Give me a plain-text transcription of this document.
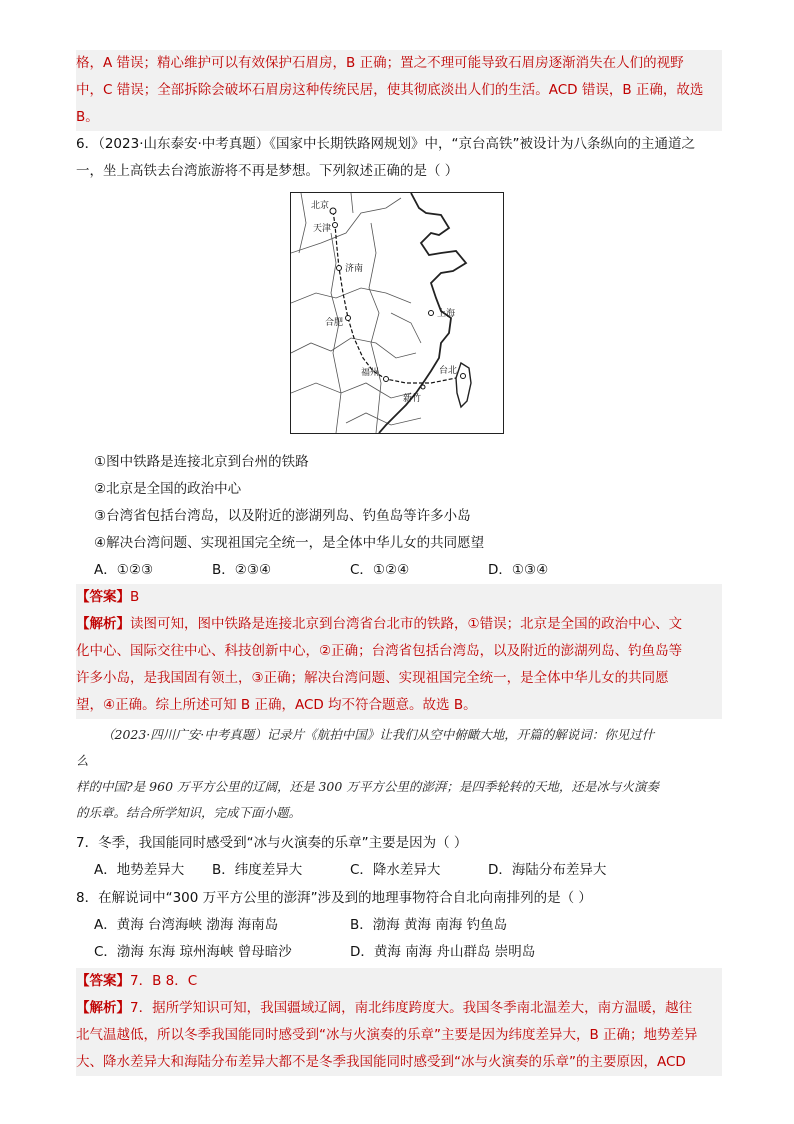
格，A 错误；精心维护可以有效保护石眉房，B 正确；置之不理可能导致石眉房逐渐消失在人们的视野
中，C 错误；全部拆除会破坏石眉房这种传统民居，使其彻底淡出人们的生活。ACD 错误，B 正确，故选
B。
6．（2023·山东泰安·中考真题）《国家中长期铁路网规划》中，“京台高铁”被设计为八条纵向的主通道之
一，坐上高铁去台湾旅游将不再是梦想。下列叙述正确的是（ ）
北京
天津
济南
合肥
上海
福州	台北
新竹
①图中铁路是连接北京到台州的铁路
②北京是全国的政治中心
③台湾省包括台湾岛，以及附近的澎湖列岛、钓鱼岛等许多小岛
④解决台湾问题、实现祖国完全统一，是全体中华儿女的共同愿望
A．①②③	B．②③④	C．①②④	D．①③④
【答案】B
【解析】读图可知，图中铁路是连接北京到台湾省台北市的铁路，①错误；北京是全国的政治中心、文
化中心、国际交往中心、科技创新中心，②正确；台湾省包括台湾岛，以及附近的澎湖列岛、钓鱼岛等
许多小岛，是我国固有领土，③正确；解决台湾问题、实现祖国完全统一，是全体中华儿女的共同愿
望，④正确。综上所述可知 B 正确，ACD 均不符合题意。故选 B。
（2023·四川广安·中考真题）记录片《航拍中国》让我们从空中俯瞰大地，开篇的解说词：你见过什
么
样的中国?是 960 万平方公里的辽阔，还是 300 万平方公里的澎湃；是四季轮转的天地，还是冰与火演奏
的乐章。结合所学知识，完成下面小题。
7．冬季，我国能同时感受到“冰与火演奏的乐章”主要是因为（ ）
A．地势差异大 B．纬度差异大	C．降水差异大	D．海陆分布差异大
8．在解说词中“300 万平方公里的澎湃”涉及到的地理事物符合自北向南排列的是（ ）
A．黄海 台湾海峡 渤海 海南岛	B．渤海 黄海 南海 钓鱼岛
C．渤海 东海 琼州海峡 曾母暗沙	D．黄海 南海 舟山群岛 崇明岛
【答案】7．B 8．C
【解析】7．据所学知识可知，我国疆域辽阔，南北纬度跨度大。我国冬季南北温差大，南方温暖，越往
北气温越低，所以冬季我国能同时感受到“冰与火演奏的乐章”主要是因为纬度差异大，B 正确；地势差异
大、降水差异大和海陆分布差异大都不是冬季我国能同时感受到“冰与火演奏的乐章”的主要原因，ACD
